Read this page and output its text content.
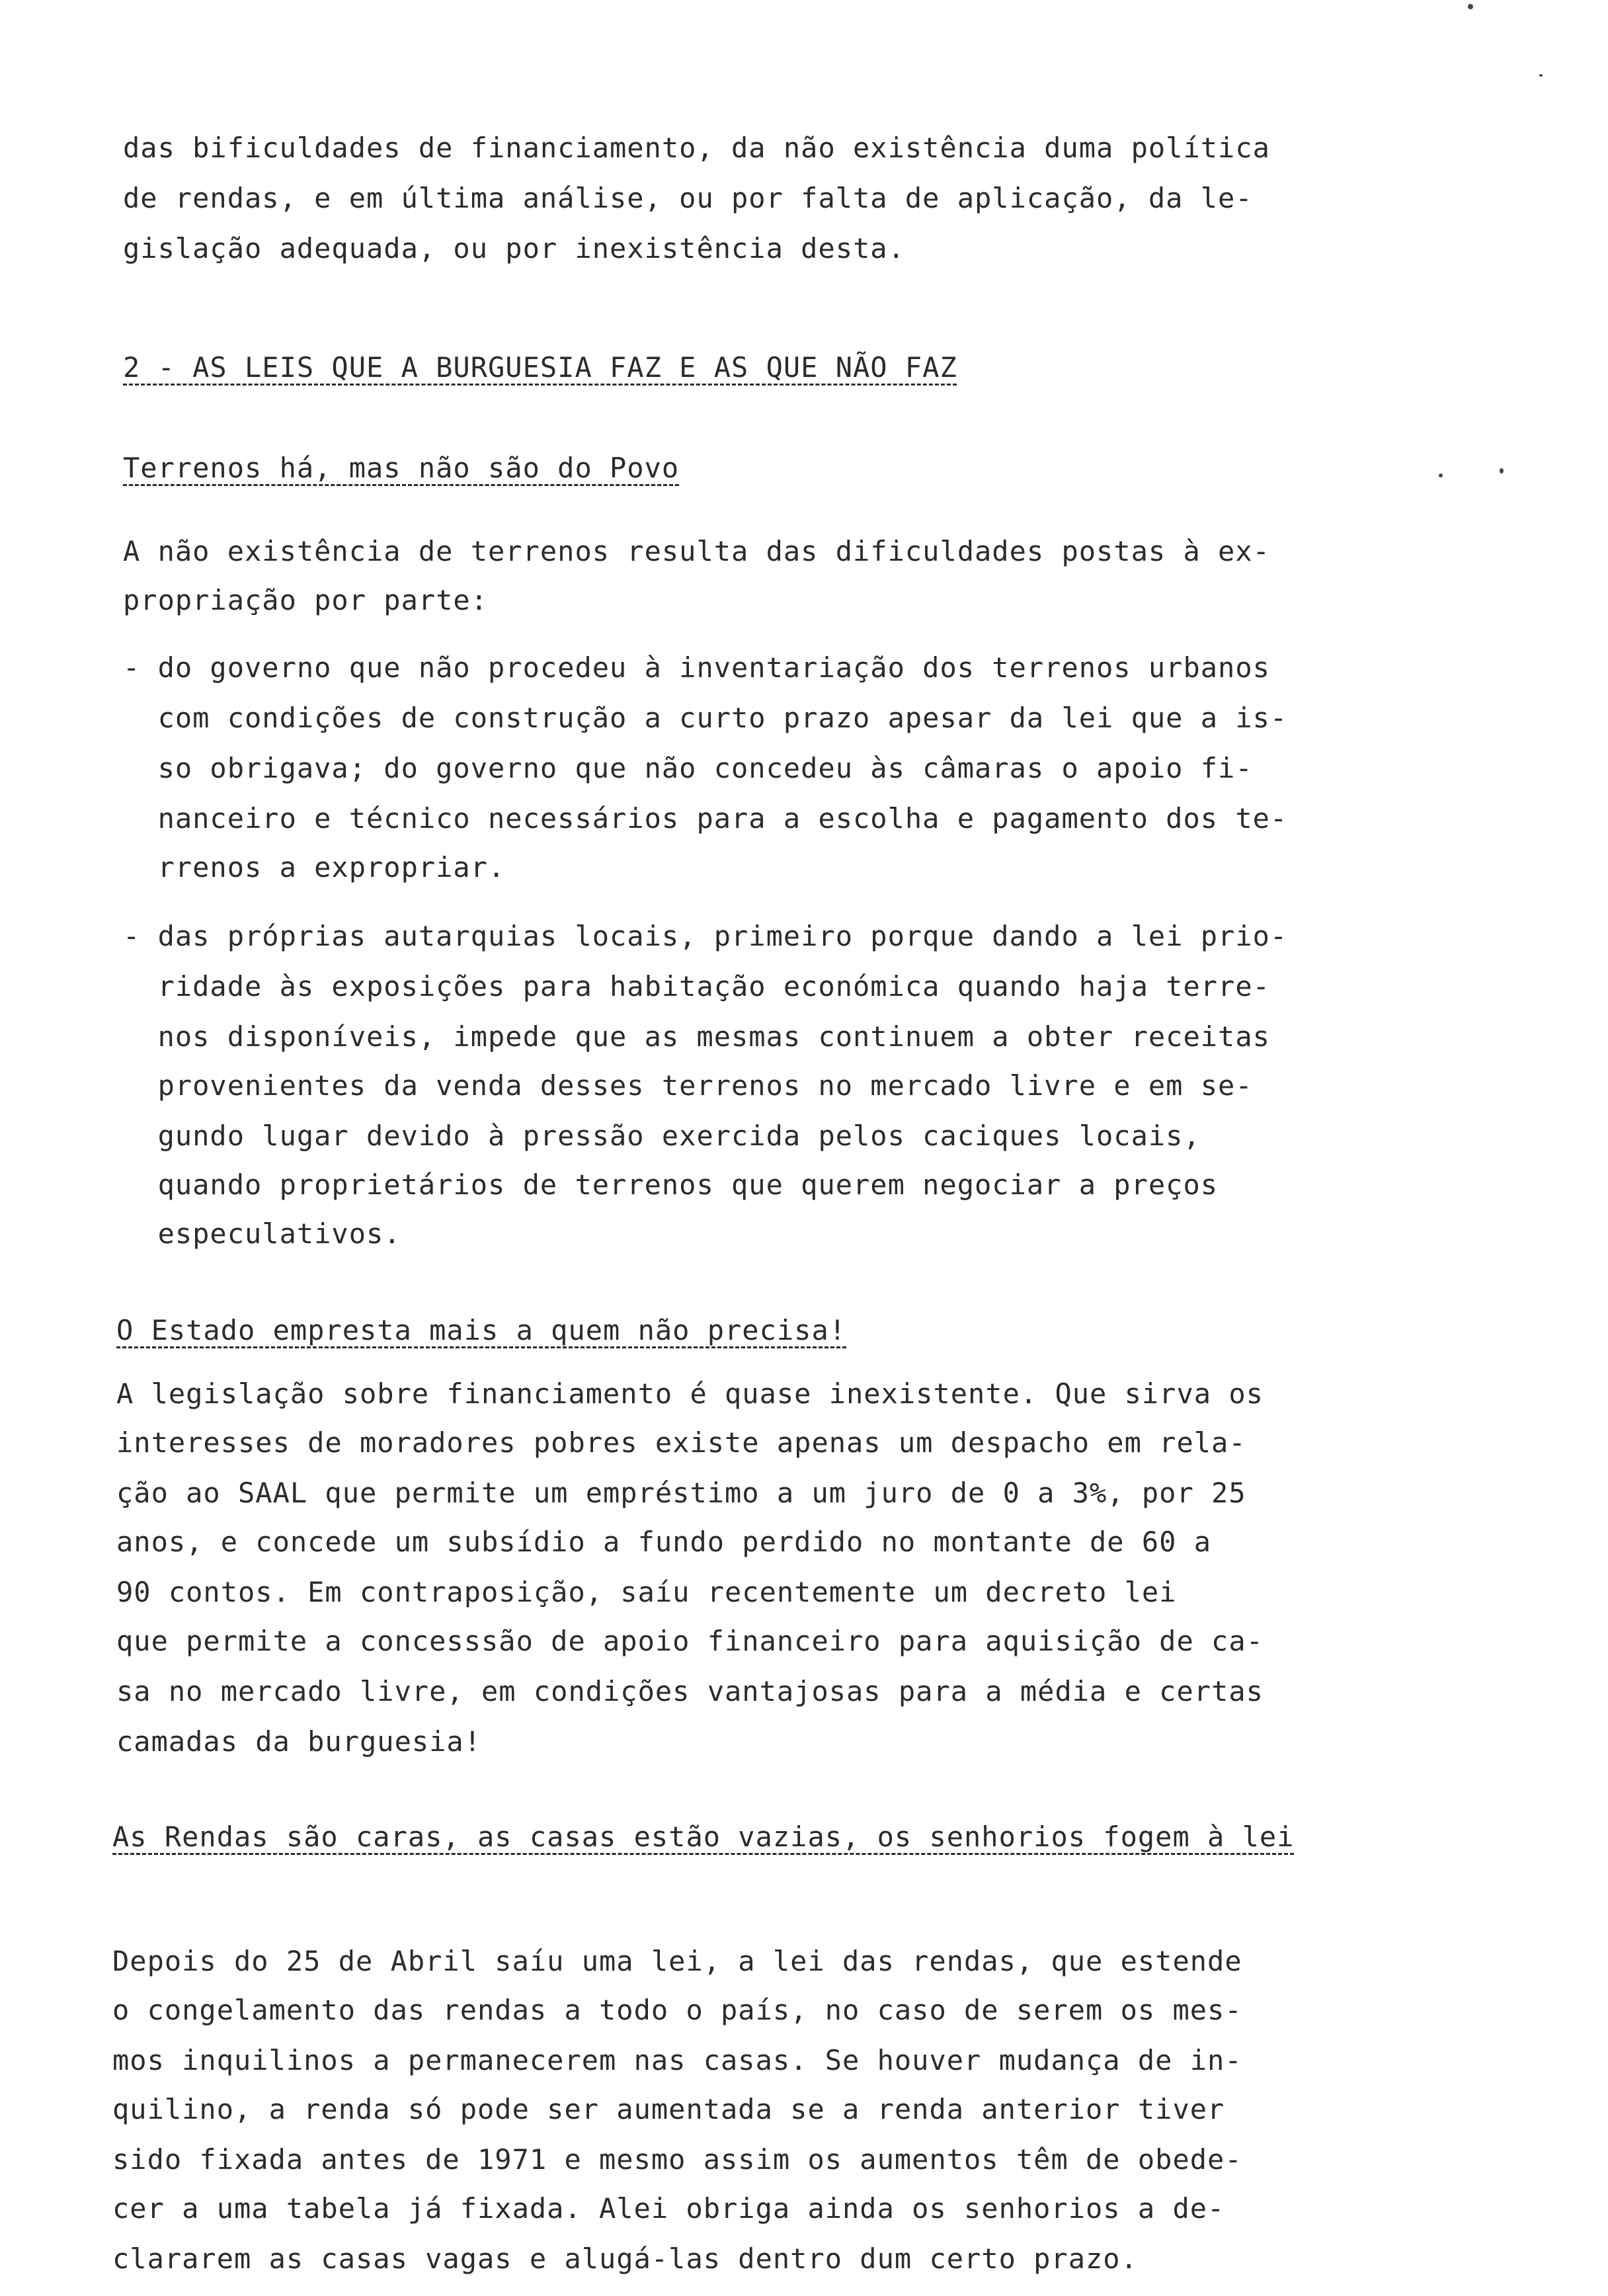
das bificuldades de financiamento, da não existência duma política
de rendas, e em última análise, ou por falta de aplicação, da le-
gislação adequada, ou por inexistência desta.
2 - AS LEIS QUE A BURGUESIA FAZ E AS QUE NÃO FAZ
Terrenos há, mas não são do Povo
A não existência de terrenos resulta das dificuldades postas à ex-
propriação por parte:
- do governo que não procedeu à inventariação dos terrenos urbanos
com condições de construção a curto prazo apesar da lei que a is-
so obrigava; do governo que não concedeu às câmaras o apoio fi-
nanceiro e técnico necessários para a escolha e pagamento dos te-
rrenos a expropriar.
- das próprias autarquias locais, primeiro porque dando a lei prio-
ridade às exposições para habitação económica quando haja terre-
nos disponíveis, impede que as mesmas continuem a obter receitas
provenientes da venda desses terrenos no mercado livre e em se-
gundo lugar devido à pressão exercida pelos caciques locais,
quando proprietários de terrenos que querem negociar a preços
especulativos.
O Estado empresta mais a quem não precisa!
A legislação sobre financiamento é quase inexistente. Que sirva os
interesses de moradores pobres existe apenas um despacho em rela-
ção ao SAAL que permite um empréstimo a um juro de 0 a 3%, por 25
anos, e concede um subsídio a fundo perdido no montante de 60 a
90 contos. Em contraposição, saíu recentemente um decreto lei
que permite a concesssão de apoio financeiro para aquisição de ca-
sa no mercado livre, em condições vantajosas para a média e certas
camadas da burguesia!
As Rendas são caras, as casas estão vazias, os senhorios fogem à lei
Depois do 25 de Abril saíu uma lei, a lei das rendas, que estende
o congelamento das rendas a todo o país, no caso de serem os mes-
mos inquilinos a permanecerem nas casas. Se houver mudança de in-
quilino, a renda só pode ser aumentada se a renda anterior tiver
sido fixada antes de 1971 e mesmo assim os aumentos têm de obede-
cer a uma tabela já fixada. Alei obriga ainda os senhorios a de-
clararem as casas vagas e alugá-las dentro dum certo prazo.
